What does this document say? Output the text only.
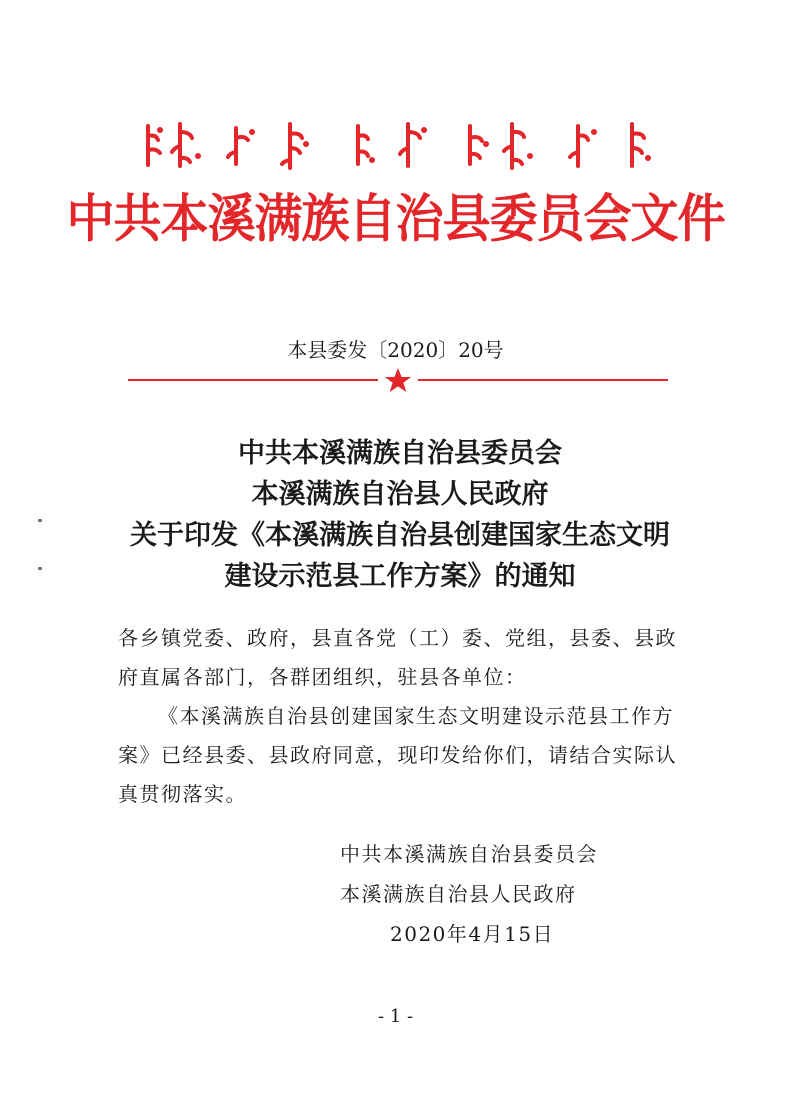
中共本溪满族自治县委员会文件
本县委发〔2020〕20号
中共本溪满族自治县委员会
本溪满族自治县人民政府
关于印发《本溪满族自治县创建国家生态文明
建设示范县工作方案》的通知

各乡镇党委、政府，县直各党（工）委、党组，县委、县政府直属各部门，各群团组织，驻县各单位：

《本溪满族自治县创建国家生态文明建设示范县工作方案》已经县委、县政府同意，现印发给你们，请结合实际认真贯彻落实。

中共本溪满族自治县委员会
本溪满族自治县人民政府
2020年4月15日
- 1 -
